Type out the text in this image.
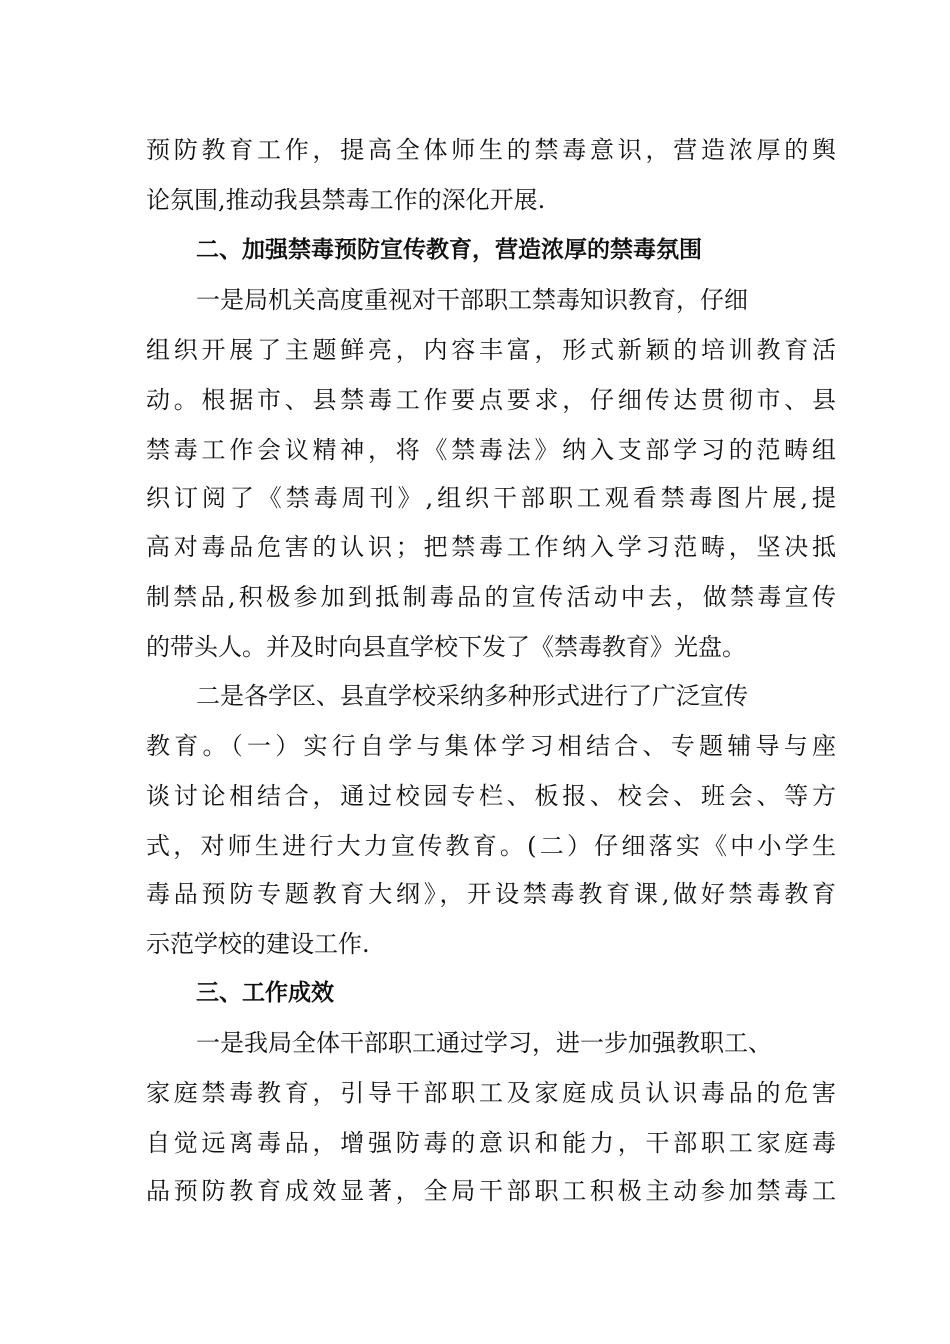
预防教育工作，提高全体师生的禁毒意识，营造浓厚的舆
论氛围,推动我县禁毒工作的深化开展.
二、加强禁毒预防宣传教育，营造浓厚的禁毒氛围
一是局机关高度重视对干部职工禁毒知识教育，仔细
组织开展了主题鲜亮，内容丰富，形式新颖的培训教育活
动。根据市、县禁毒工作要点要求，仔细传达贯彻市、县
禁毒工作会议精神，将《禁毒法》纳入支部学习的范畴组
织订阅了《禁毒周刊》,组织干部职工观看禁毒图片展,提
高对毒品危害的认识；把禁毒工作纳入学习范畴，坚决抵
制禁品,积极参加到抵制毒品的宣传活动中去，做禁毒宣传
的带头人。并及时向县直学校下发了《禁毒教育》光盘。
二是各学区、县直学校采纳多种形式进行了广泛宣传
教育。（一）实行自学与集体学习相结合、专题辅导与座
谈讨论相结合，通过校园专栏、板报、校会、班会、等方
式，对师生进行大力宣传教育。(二）仔细落实《中小学生
毒品预防专题教育大纲》，开设禁毒教育课,做好禁毒教育
示范学校的建设工作.
三、工作成效
一是我局全体干部职工通过学习，进一步加强教职工、
家庭禁毒教育，引导干部职工及家庭成员认识毒品的危害
自觉远离毒品，增强防毒的意识和能力，干部职工家庭毒
品预防教育成效显著，全局干部职工积极主动参加禁毒工
